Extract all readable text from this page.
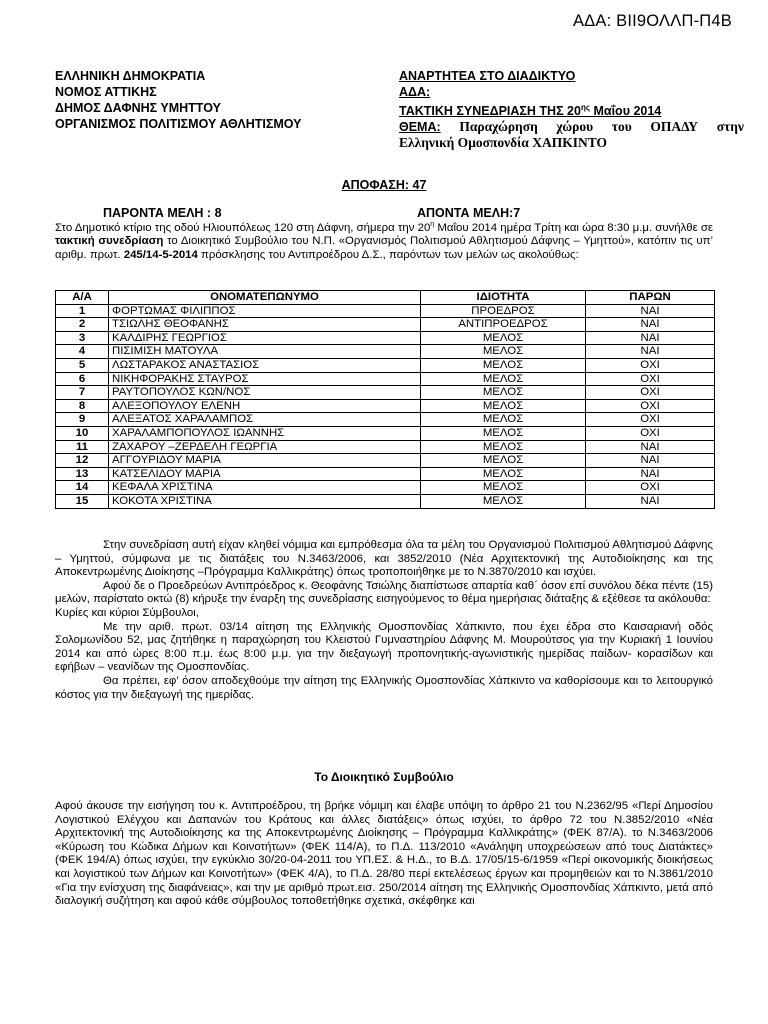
ΑΔΑ: ΒΙΙ9ΟΛΛΠ-Π4Β
ΕΛΛΗΝΙΚΗ ΔΗΜΟΚΡΑΤΙΑ
ΝΟΜΟΣ ΑΤΤΙΚΗΣ
ΔΗΜΟΣ ΔΑΦΝΗΣ ΥΜΗΤΤΟΥ
ΟΡΓΑΝΙΣΜΟΣ ΠΟΛΙΤΙΣΜΟΥ ΑΘΛΗΤΙΣΜΟΥ
ΑΝΑΡΤΗΤΕΑ ΣΤΟ ΔΙΑΔΙΚΤΥΟ
ΑΔΑ:
ΤΑΚΤΙΚΗ ΣΥΝΕΔΡΙΑΣΗ ΤΗΣ $20^{\eta\varsigma}$ Μαΐου 2014
ΘΕΜΑ: Παραχώρηση χώρου του ΟΠΑΔΥ στην
Ελληνική Ομοσπονδία ΧΑΠΚΙΝΤΟ
ΑΠΟΦΑΣΗ: 47
ΠΑΡΟΝΤΑ ΜΕΛΗ : 8	ΑΠΟΝΤΑ ΜΕΛΗ:7
Στο Δημοτικό κτίριο της οδού Ηλιουπόλεως 120 στη Δάφνη, σήμερα την $20^\eta$ Μαΐου 2014 ημέρα Τρίτη και ώρα 8:30 μ.μ. συνήλθε σε τακτική συνεδρίαση το Διοικητικό Συμβούλιο του Ν.Π. «Οργανισμός Πολιτισμού Αθλητισμού Δάφνης – Υμηττού», κατόπιν τις υπ’ αριθμ. πρωτ. 245/14-5-2014 πρόσκλησης του Αντιπροέδρου Δ.Σ., παρόντων των μελών ως ακολούθως:
Α/Α	ΟΝΟΜΑΤΕΠΩΝΥΜΟ	ΙΔΙΟΤΗΤΑ	ΠΑΡΩΝ
1	ΦΟΡΤΩΜΑΣ ΦΙΛΙΠΠΟΣ	ΠΡΟΕΔΡΟΣ	ΝΑΙ
2	ΤΣΙΩΛΗΣ ΘΕΟΦΑΝΗΣ	ΑΝΤΙΠΡΟΕΔΡΟΣ	ΝΑΙ
3	ΚΑΛΔΙΡΗΣ ΓΕΩΡΓΙΟΣ	ΜΕΛΟΣ	ΝΑΙ
4	ΠΙΣΙΜΙΣΗ ΜΑΤΟΥΛΑ	ΜΕΛΟΣ	ΝΑΙ
5	ΛΩΣΤΑΡΑΚΟΣ ΑΝΑΣΤΑΣΙΟΣ	ΜΕΛΟΣ	ΟΧΙ
6	ΝΙΚΗΦΟΡΑΚΗΣ ΣΤΑΥΡΟΣ	ΜΕΛΟΣ	ΟΧΙ
7	ΡΑΥΤΟΠΟΥΛΟΣ ΚΩΝ/ΝΟΣ	ΜΕΛΟΣ	ΟΧΙ
8	ΑΛΕΞΟΠΟΥΛΟΥ ΕΛΕΝΗ	ΜΕΛΟΣ	ΟΧΙ
9	ΑΛΕΞΑΤΟΣ ΧΑΡΑΛΑΜΠΟΣ	ΜΕΛΟΣ	ΟΧΙ
10	ΧΑΡΑΛΑΜΠΟΠΟΥΛΟΣ ΙΩΑΝΝΗΣ	ΜΕΛΟΣ	ΟΧΙ
11	ΖΑΧΑΡΟΥ –ΖΕΡΔΕΛΗ ΓΕΩΡΓΙΑ	ΜΕΛΟΣ	ΝΑΙ
12	ΑΓΓΟΥΡΙΔΟΥ ΜΑΡΙΑ	ΜΕΛΟΣ	ΝΑΙ
13	ΚΑΤΣΕΛΙΔΟΥ ΜΑΡΙΑ	ΜΕΛΟΣ	ΝΑΙ
14	ΚΕΦΑΛΑ ΧΡΙΣΤΙΝΑ	ΜΕΛΟΣ	ΟΧΙ
15	ΚΟΚΟΤΑ ΧΡΙΣΤΙΝΑ	ΜΕΛΟΣ	ΝΑΙ

Στην συνεδρίαση αυτή είχαν κληθεί νόμιμα και εμπρόθεσμα όλα τα μέλη του Οργανισμού Πολιτισμού Αθλητισμού Δάφνης – Υμηττού, σύμφωνα με τις διατάξεις του Ν.3463/2006, και 3852/2010 (Νέα Αρχιτεκτονική της Αυτοδιοίκησης και της Αποκεντρωμένης Διοίκησης –Πρόγραμμα Καλλικράτης) όπως τροποποιήθηκε με το Ν.3870/2010 και ισχύει.

Αφού δε ο Προεδρεύων Αντιπρόεδρος κ. Θεοφάνης Τσιώλης διαπίστωσε απαρτία καθ΄ όσον επί συνόλου δέκα πέντε (15) μελών, παρίσταto οκτώ (8) κήρυξε την έναρξη της συνεδρίασης εισηγούμενος το θέμα ημερήσιας διάταξης & εξέθεσε τα ακόλουθα:

Κυρίες και κύριοι Σύμβουλοι,

Με την αριθ. πρωτ. 03/14 αίτηση της Ελληνικής Ομοσπονδίας Χάπκιντο, που έχει έδρα στο Καισαριανή οδός Σολομωνίδου 52, μας ζητήθηκε η παραχώρηση του Κλειστού Γυμναστηρίου Δάφνης Μ. Μουρούτσος για την Κυριακή 1 Ιουνίου 2014 και από ώρες 8:00 π.μ. έως 8:00 μ.μ. για την διεξαγωγή προπονητικής-αγωνιστικής ημερίδας παίδων- κορασίδων και εφήβων – νεανίδων της Ομοσπονδίας.

Θα πρέπει, εφ’ όσον αποδεχθούμε την αίτηση της Ελληνικής Ομοσπονδίας Χάπκιντο να καθορίσουμε και το λειτουργικό κόστος για την διεξαγωγή της ημερίδας.

Το Διοικητικό Συμβούλιο
Αφού άκουσε την εισήγηση του κ. Αντιπροέδρου, τη βρήκε νόμιμη και έλαβε υπόψη το άρθρο 21 του Ν.2362/95 «Περί Δημοσίου Λογιστικού Ελέγχου και Δαπανών του Κράτους και άλλες διατάξεις» όπως ισχύει, το άρθρο 72 του Ν.3852/2010 «Νέα Αρχιτεκτονική της Αυτοδιοίκησης κα της Αποκεντρωμένης Διοίκησης – Πρόγραμμα Καλλικράτης» (ΦΕΚ 87/Α). το Ν.3463/2006 «Κύρωση του Κώδικα Δήμων και Κοινοτήτων» (ΦΕΚ 114/Α), το Π.Δ. 113/2010 «Ανάληψη υποχρεώσεων από τους Διατάκτες» (ΦΕΚ 194/Α) όπως ισχύει, την εγκύκλιο 30/20-04-2011 του ΥΠ.ΕΣ. & Η.Δ., το Β.Δ. 17/05/15-6/1959 «Περί οικονομικής διοικήσεως και λογιστικού των Δήμων και Κοινοτήτων» (ΦΕΚ 4/Α), το Π.Δ. 28/80 περί εκτελέσεως έργων και προμηθειών και το Ν.3861/2010 «Για την ενίσχυση της διαφάνειας», και την με αριθμό πρωτ.εισ. 250/2014 αίτηση της Ελληνικής Ομοσπονδίας Χάπκιντο, μετά από διαλογική συζήτηση και αφού κάθε σύμβουλος τοποθετήθηκε σχετικά, σκέφθηκε και
